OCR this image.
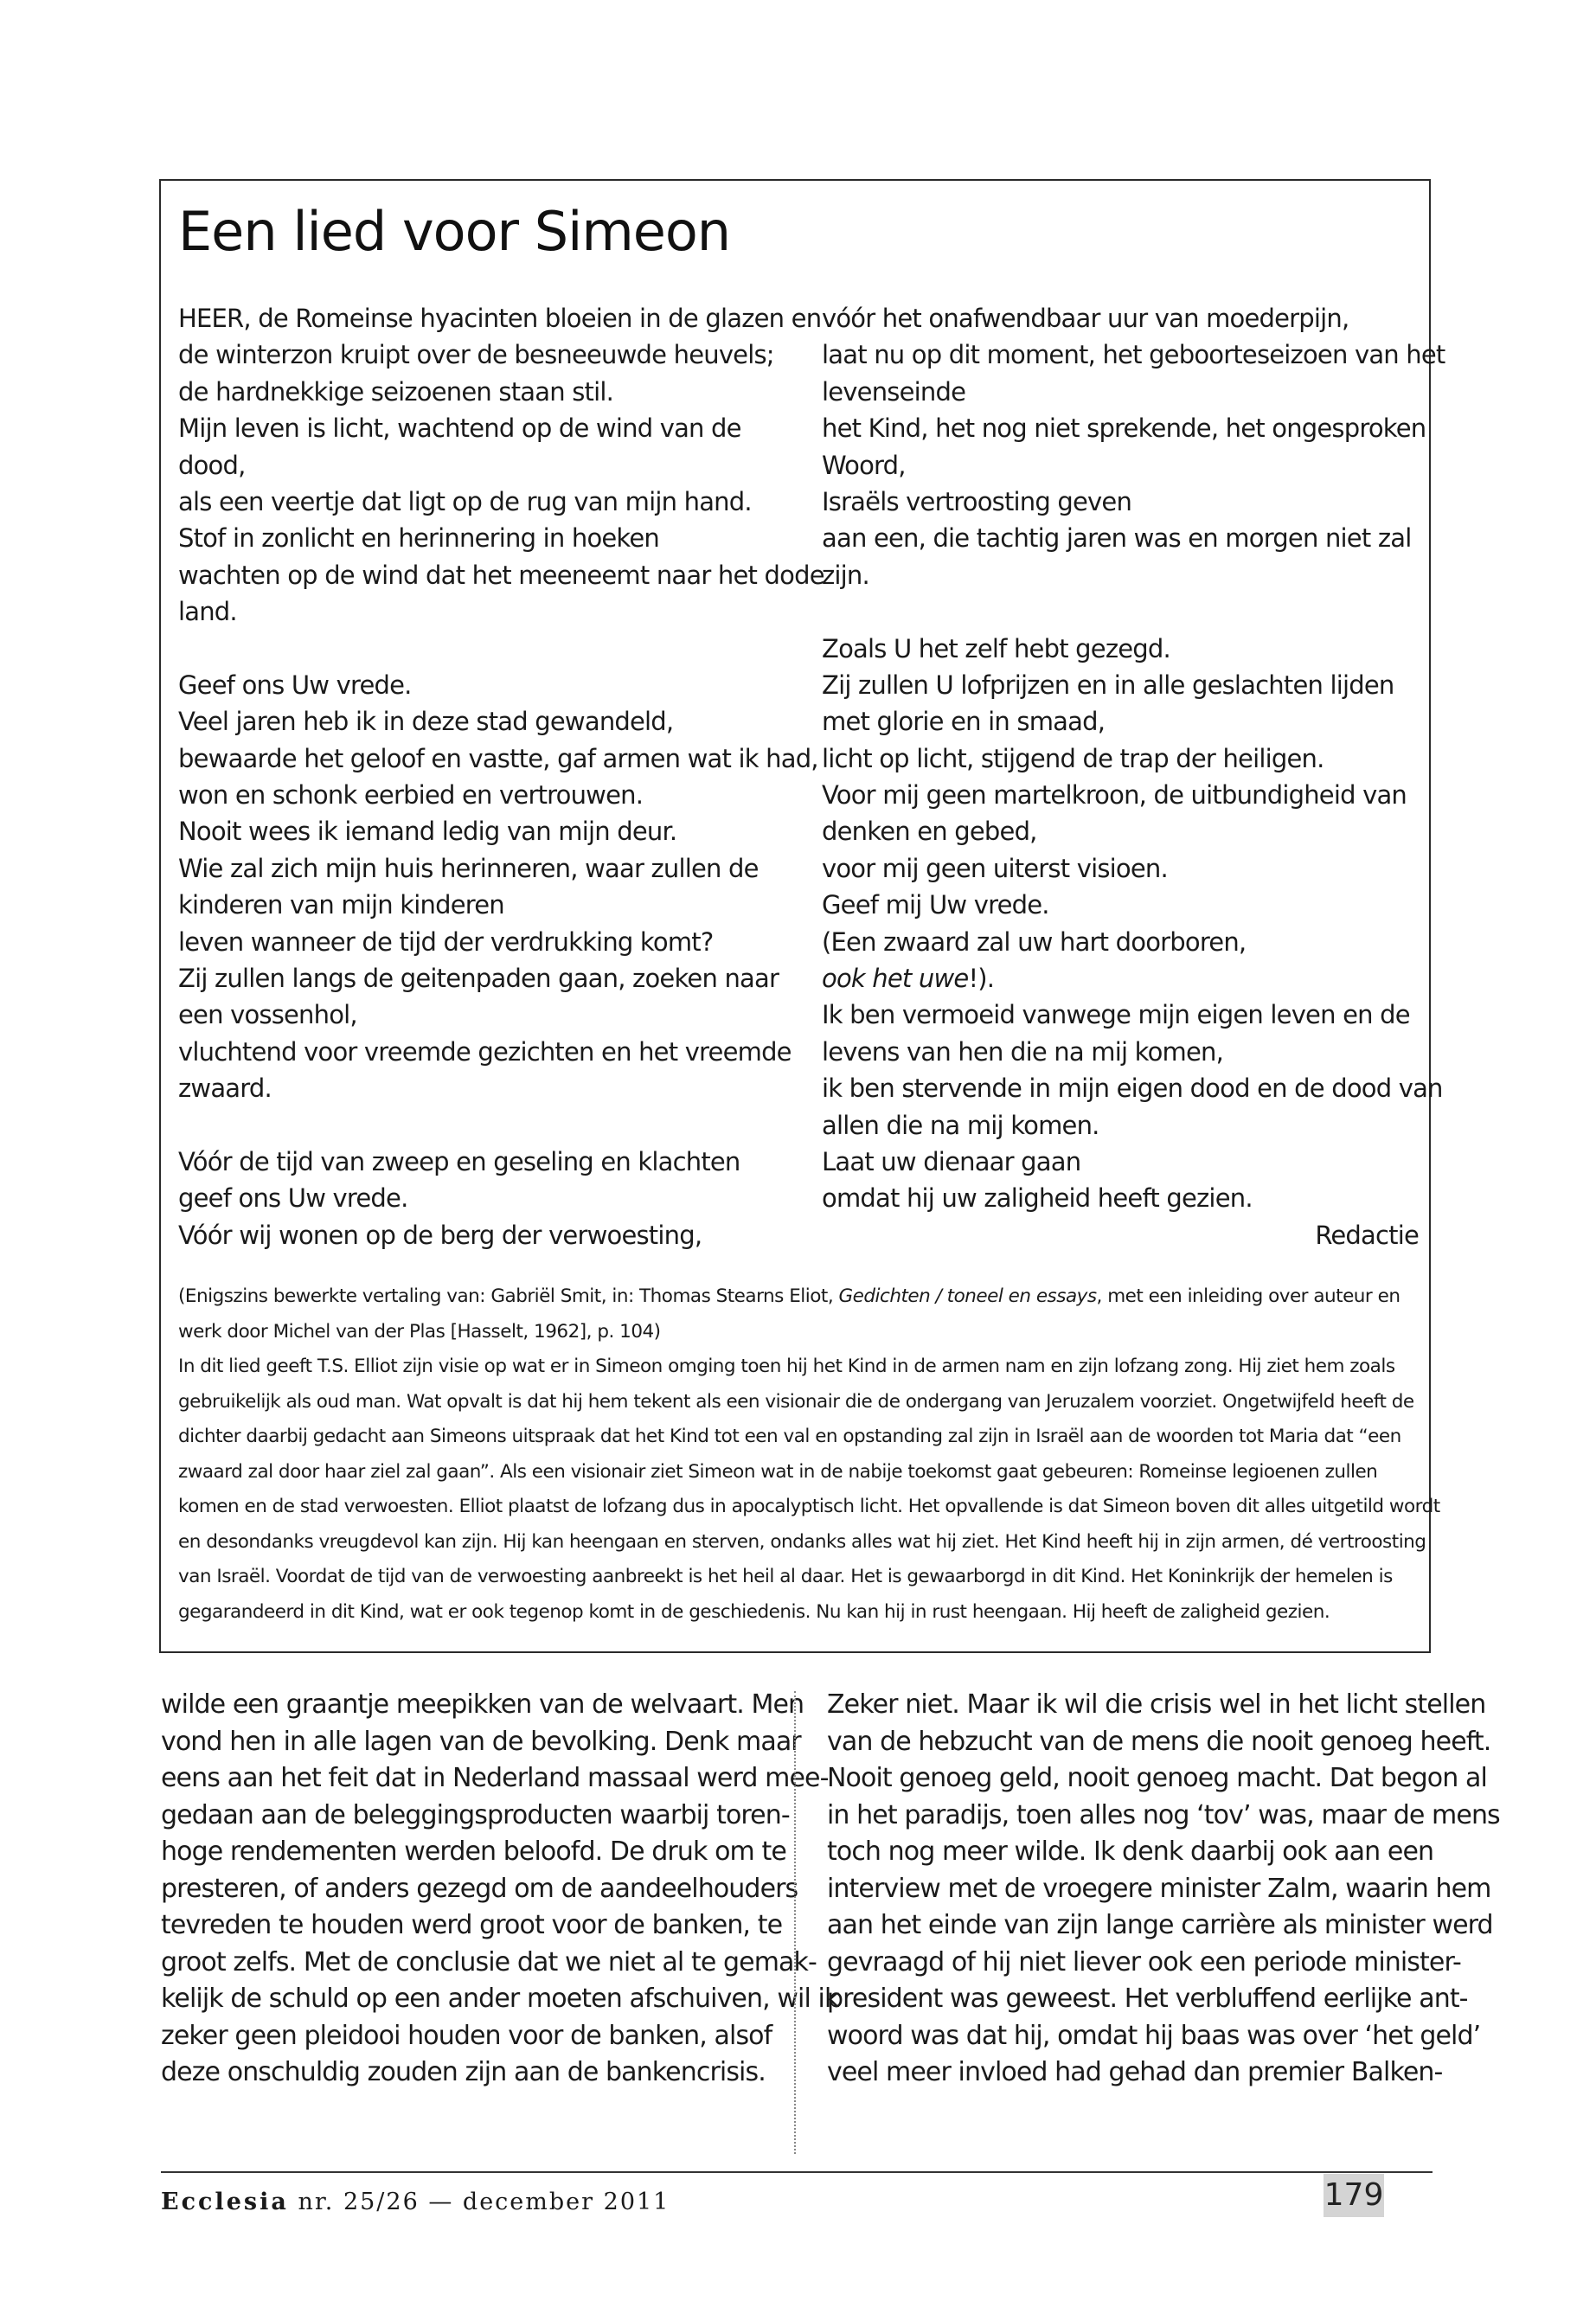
Een lied voor Simeon
HEER, de Romeinse hyacinten bloeien in de glazen en
de winterzon kruipt over de besneeuwde heuvels;
de hardnekkige seizoenen staan stil.
Mijn leven is licht, wachtend op de wind van de
dood,
als een veertje dat ligt op de rug van mijn hand.
Stof in zonlicht en herinnering in hoeken
wachten op de wind dat het meeneemt naar het dode
land.
Geef ons Uw vrede.
Veel jaren heb ik in deze stad gewandeld,
bewaarde het geloof en vastte, gaf armen wat ik had,
won en schonk eerbied en vertrouwen.
Nooit wees ik iemand ledig van mijn deur.
Wie zal zich mijn huis herinneren, waar zullen de
kinderen van mijn kinderen
leven wanneer de tijd der verdrukking komt?
Zij zullen langs de geitenpaden gaan, zoeken naar
een vossenhol,
vluchtend voor vreemde gezichten en het vreemde
zwaard.
Vóór de tijd van zweep en geseling en klachten
geef ons Uw vrede.
Vóór wij wonen op de berg der verwoesting,
vóór het onafwendbaar uur van moederpijn,
laat nu op dit moment, het geboorteseizoen van het
levenseinde
het Kind, het nog niet sprekende, het ongesproken
Woord,
Israëls vertroosting geven
aan een, die tachtig jaren was en morgen niet zal
zijn.
Zoals U het zelf hebt gezegd.
Zij zullen U lofprijzen en in alle geslachten lijden
met glorie en in smaad,
licht op licht, stijgend de trap der heiligen.
Voor mij geen martelkroon, de uitbundigheid van
denken en gebed,
voor mij geen uiterst visioen.
Geef mij Uw vrede.
(Een zwaard zal uw hart doorboren,
ook het uwe!).
Ik ben vermoeid vanwege mijn eigen leven en de
levens van hen die na mij komen,
ik ben stervende in mijn eigen dood en de dood van
allen die na mij komen.
Laat uw dienaar gaan
omdat hij uw zaligheid heeft gezien.
Redactie
(Enigszins bewerkte vertaling van: Gabriël Smit, in: Thomas Stearns Eliot, Gedichten / toneel en essays, met een inleiding over auteur en
werk door Michel van der Plas [Hasselt, 1962], p. 104)
In dit lied geeft T.S. Elliot zijn visie op wat er in Simeon omging toen hij het Kind in de armen nam en zijn lofzang zong. Hij ziet hem zoals
gebruikelijk als oud man. Wat opvalt is dat hij hem tekent als een visionair die de ondergang van Jeruzalem voorziet. Ongetwijfeld heeft de
dichter daarbij gedacht aan Simeons uitspraak dat het Kind tot een val en opstanding zal zijn in Israël aan de woorden tot Maria dat “een
zwaard zal door haar ziel zal gaan”. Als een visionair ziet Simeon wat in de nabije toekomst gaat gebeuren: Romeinse legioenen zullen
komen en de stad verwoesten. Elliot plaatst de lofzang dus in apocalyptisch licht. Het opvallende is dat Simeon boven dit alles uitgetild wordt
en desondanks vreugdevol kan zijn. Hij kan heengaan en sterven, ondanks alles wat hij ziet. Het Kind heeft hij in zijn armen, dé vertroosting
van Israël. Voordat de tijd van de verwoesting aanbreekt is het heil al daar. Het is gewaarborgd in dit Kind. Het Koninkrijk der hemelen is
gegarandeerd in dit Kind, wat er ook tegenop komt in de geschiedenis. Nu kan hij in rust heengaan. Hij heeft de zaligheid gezien.
wilde een graantje meepikken van de welvaart. Men
vond hen in alle lagen van de bevolking. Denk maar
eens aan het feit dat in Nederland massaal werd mee-
gedaan aan de beleggingsproducten waarbij toren-
hoge rendementen werden beloofd. De druk om te
presteren, of anders gezegd om de aandeelhouders
tevreden te houden werd groot voor de banken, te
groot zelfs. Met de conclusie dat we niet al te gemak-
kelijk de schuld op een ander moeten afschuiven, wil ik
zeker geen pleidooi houden voor de banken, alsof
deze onschuldig zouden zijn aan de bankencrisis.
Zeker niet. Maar ik wil die crisis wel in het licht stellen
van de hebzucht van de mens die nooit genoeg heeft.
Nooit genoeg geld, nooit genoeg macht. Dat begon al
in het paradijs, toen alles nog ‘tov’ was, maar de mens
toch nog meer wilde. Ik denk daarbij ook aan een
interview met de vroegere minister Zalm, waarin hem
aan het einde van zijn lange carrière als minister werd
gevraagd of hij niet liever ook een periode minister-
president was geweest. Het verbluffend eerlijke ant-
woord was dat hij, omdat hij baas was over ‘het geld’
veel meer invloed had gehad dan premier Balken-
Ecclesia nr. 25/26 — december 2011	179
